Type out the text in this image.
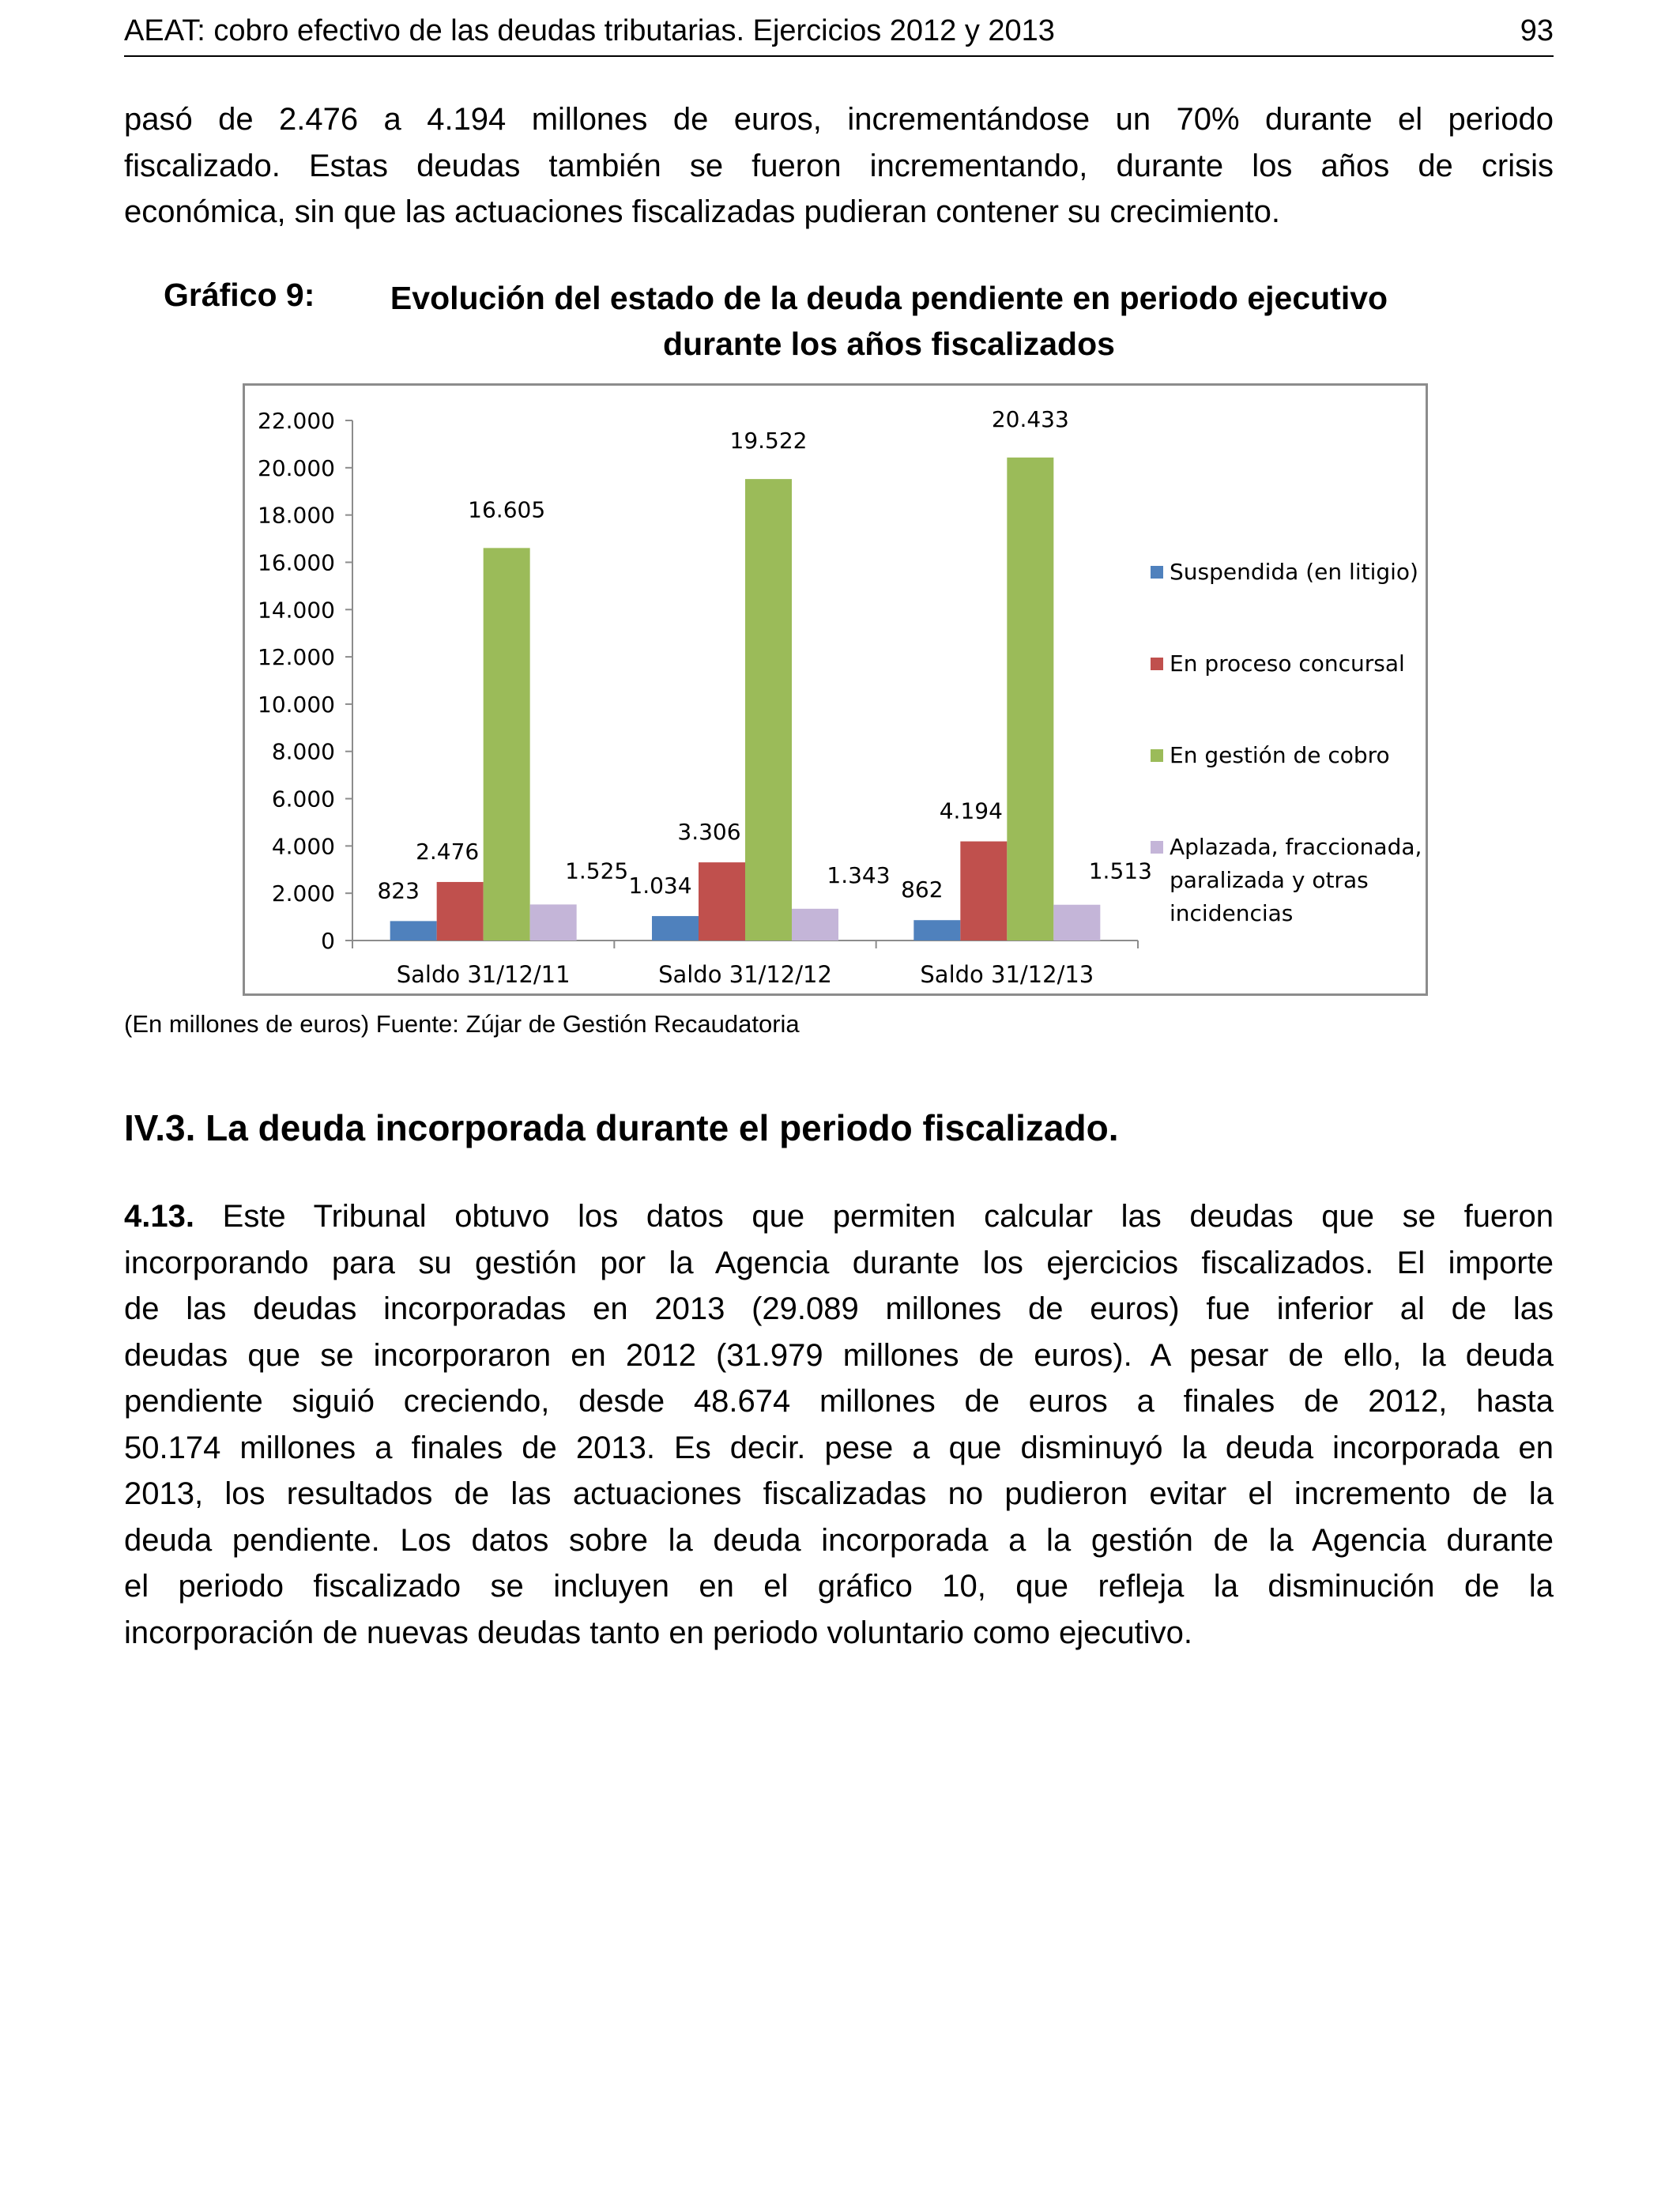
AEAT: cobro efectivo de las deudas tributarias. Ejercicios 2012 y 2013	93
pasó de 2.476 a 4.194 millones de euros, incrementándose un 70% durante el periodo
fiscalizado. Estas deudas también se fueron incrementando, durante los años de crisis
económica, sin que las actuaciones fiscalizadas pudieran contener su crecimiento.
Gráfico 9:	Evolución del estado de la deuda pendiente en periodo ejecutivo
durante los años fiscalizados
0
2.000
4.000
6.000
8.000
10.000
12.000
14.000
16.000
18.000
20.000
22.000
823
2.476
16.605
1.525
Saldo 31/12/11
1.034
3.306
19.522
1.343
Saldo 31/12/12
862
4.194
20.433
1.513
Saldo 31/12/13
Suspendida (en litigio)
En proceso concursal
En gestión de cobro
Aplazada, fraccionada,
paralizada y otras
incidencias
(En millones de euros) Fuente: Zújar de Gestión Recaudatoria
IV.3. La deuda incorporada durante el periodo fiscalizado.
4.13. Este Tribunal obtuvo los datos que permiten calcular las deudas que se fueron
incorporando para su gestión por la Agencia durante los ejercicios fiscalizados. El importe
de las deudas incorporadas en 2013 (29.089 millones de euros) fue inferior al de las
deudas que se incorporaron en 2012 (31.979 millones de euros). A pesar de ello, la deuda
pendiente siguió creciendo, desde 48.674 millones de euros a finales de 2012, hasta
50.174 millones a finales de 2013. Es decir. pese a que disminuyó la deuda incorporada en
2013, los resultados de las actuaciones fiscalizadas no pudieron evitar el incremento de la
deuda pendiente. Los datos sobre la deuda incorporada a la gestión de la Agencia durante
el periodo fiscalizado se incluyen en el gráfico 10, que refleja la disminución de la
incorporación de nuevas deudas tanto en periodo voluntario como ejecutivo.
